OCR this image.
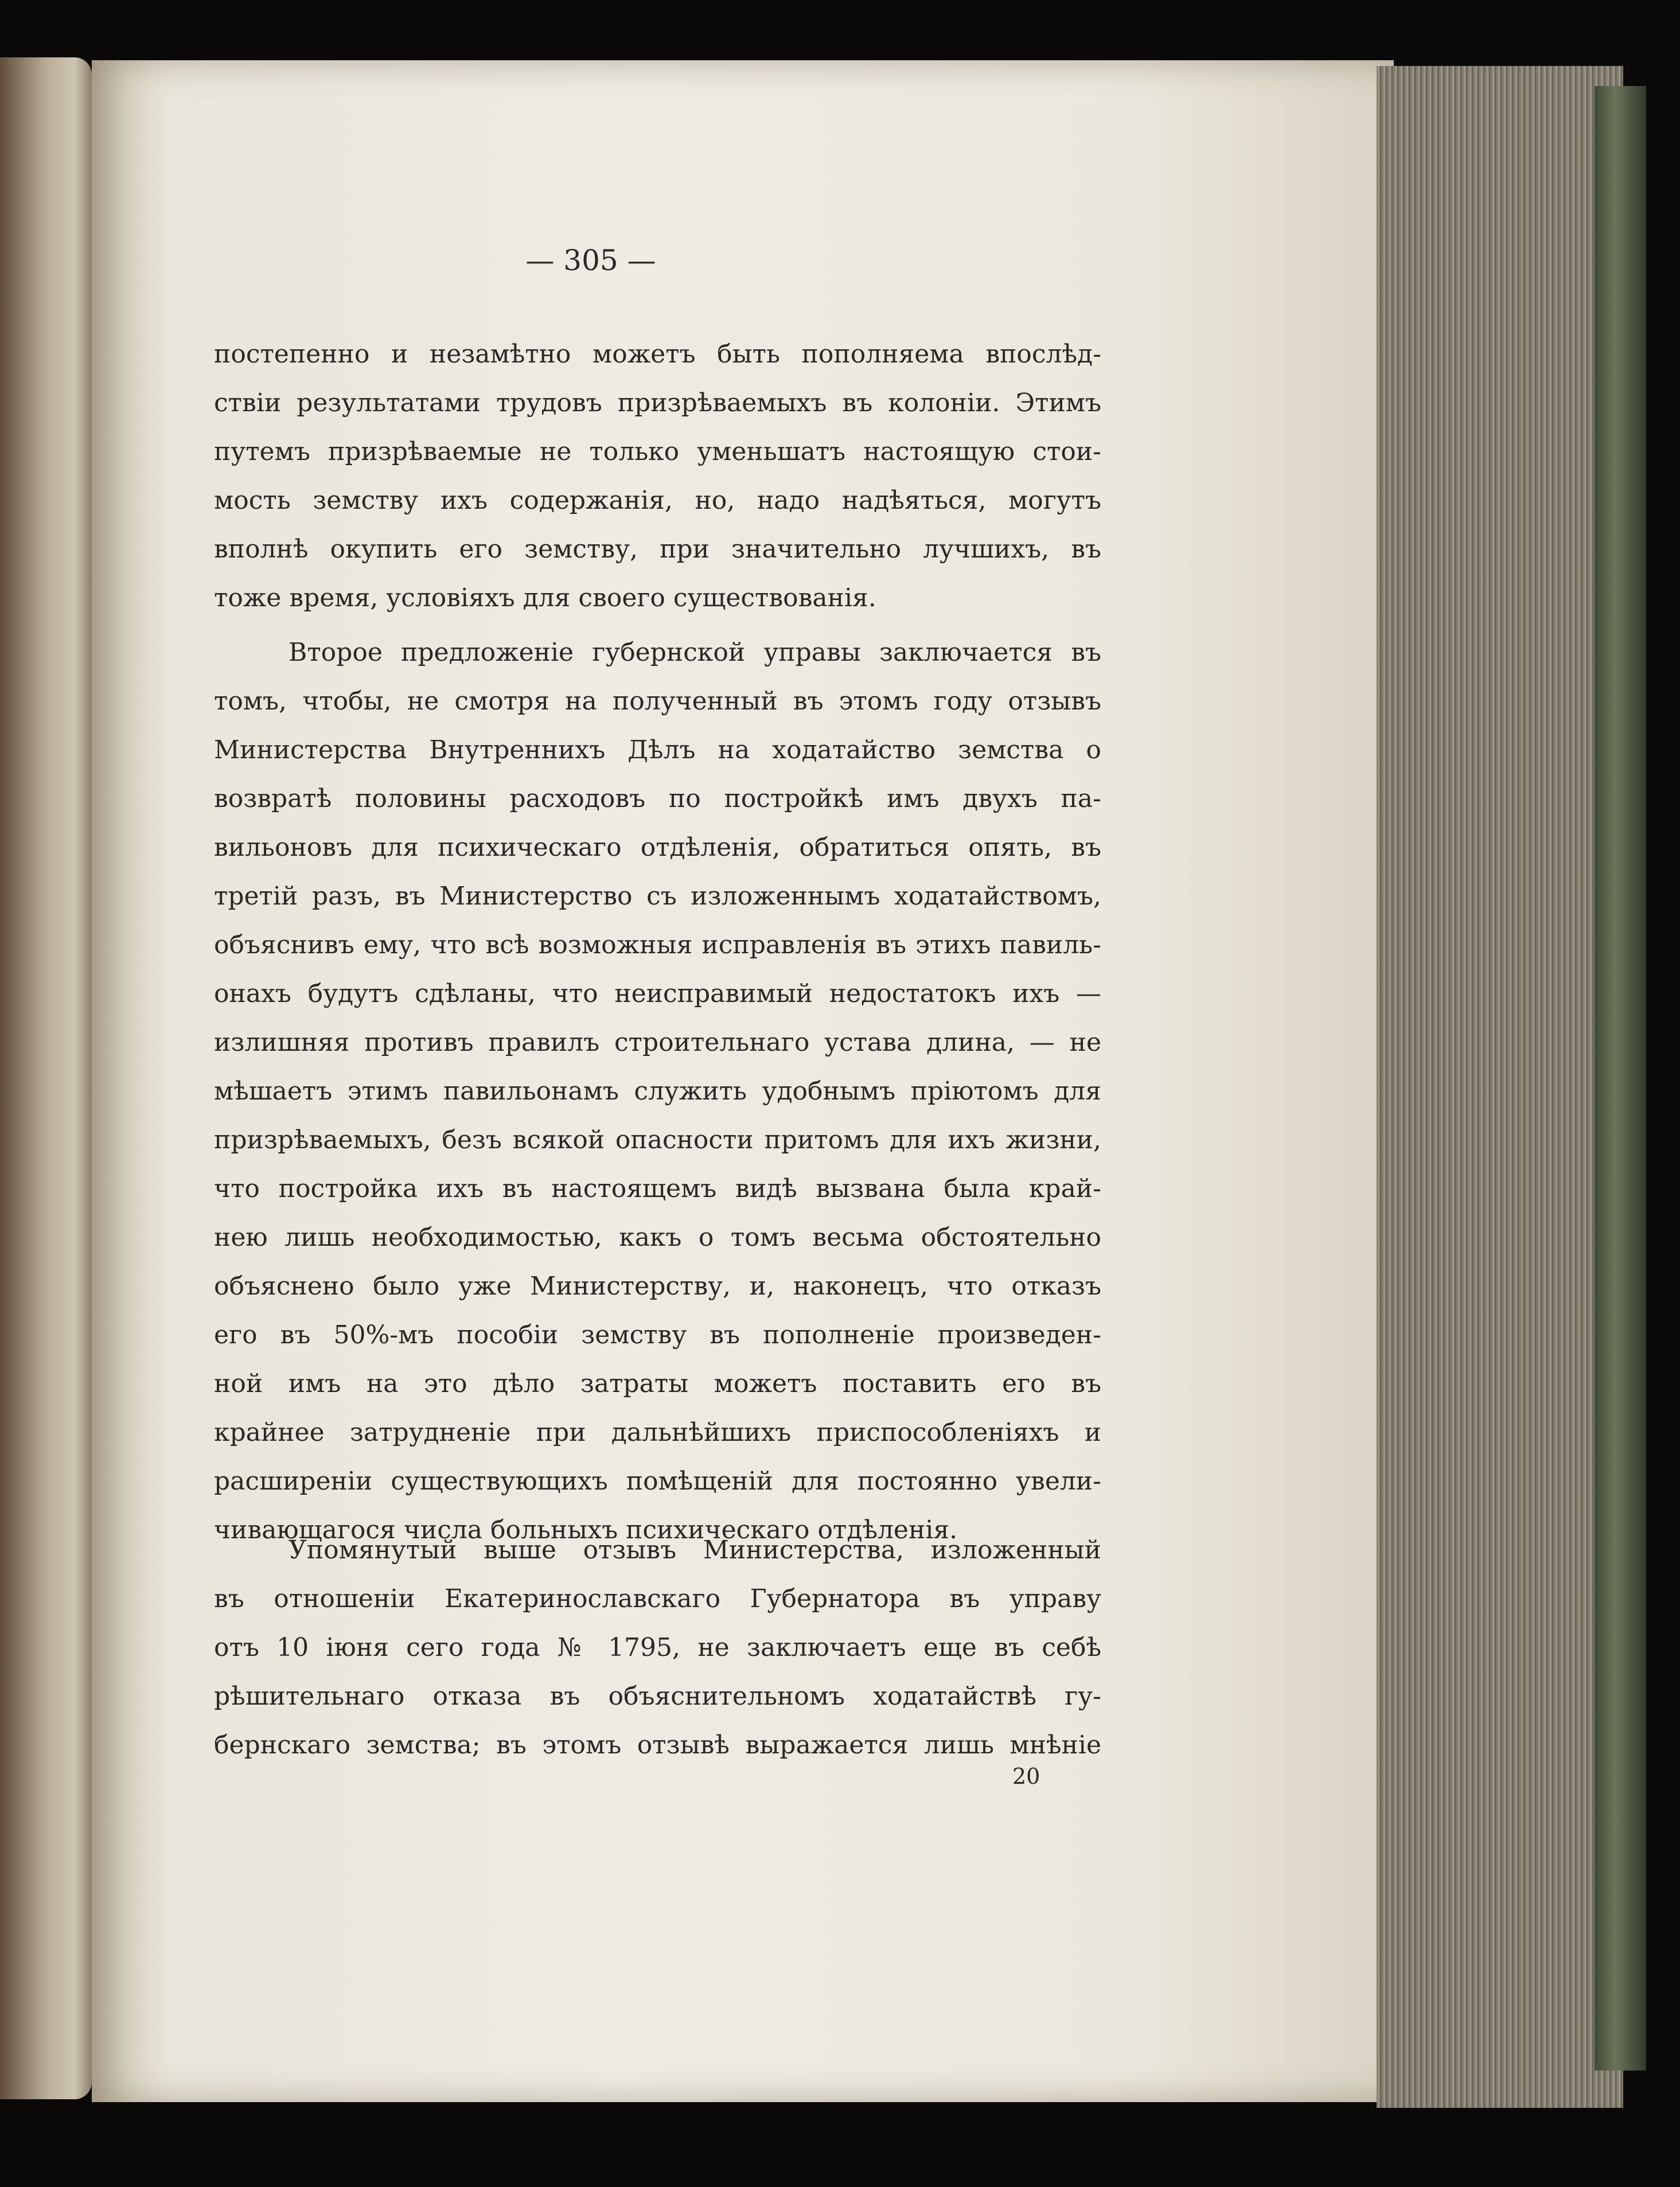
— 305 —
постепенно и незамѣтно можетъ быть пополняема впослѣд-
ствіи результатами трудовъ призрѣваемыхъ въ колоніи. Этимъ
путемъ призрѣваемые не только уменьшатъ настоящую стои-
мость земству ихъ содержанія, но, надо надѣяться, могутъ
вполнѣ окупить его земству, при значительно лучшихъ, въ
тоже время, условіяхъ для своего существованія.
Второе предложеніе губернской управы заключается въ
томъ, чтобы, не смотря на полученный въ этомъ году отзывъ
Министерства Внутреннихъ Дѣлъ на ходатайство земства о
возвратѣ половины расходовъ по постройкѣ имъ двухъ па-
вильоновъ для психическаго отдѣленія, обратиться опять, въ
третій разъ, въ Министерство съ изложеннымъ ходатайствомъ,
объяснивъ ему, что всѣ возможныя исправленія въ этихъ павиль-
онахъ будутъ сдѣланы, что неисправимый недостатокъ ихъ —
излишняя противъ правилъ строительнаго устава длина, — не
мѣшаетъ этимъ павильонамъ служить удобнымъ пріютомъ для
призрѣваемыхъ, безъ всякой опасности притомъ для ихъ жизни,
что постройка ихъ въ настоящемъ видѣ вызвана была край-
нею лишь необходимостью, какъ о томъ весьма обстоятельно
объяснено было уже Министерству, и, наконецъ, что отказъ
его въ 50%-мъ пособіи земству въ пополненіе произведен-
ной имъ на это дѣло затраты можетъ поставить его въ
крайнее затрудненіе при дальнѣйшихъ приспособленіяхъ и
расширеніи существующихъ помѣщеній для постоянно увели-
чивающагося числа больныхъ психическаго отдѣленія.
Упомянутый выше отзывъ Министерства, изложенный
въ отношеніи Екатеринославскаго Губернатора въ управу
отъ 10 іюня сего года № 1795, не заключаетъ еще въ себѣ
рѣшительнаго отказа въ объяснительномъ ходатайствѣ гу-
бернскаго земства; въ этомъ отзывѣ выражается лишь мнѣніе
20
